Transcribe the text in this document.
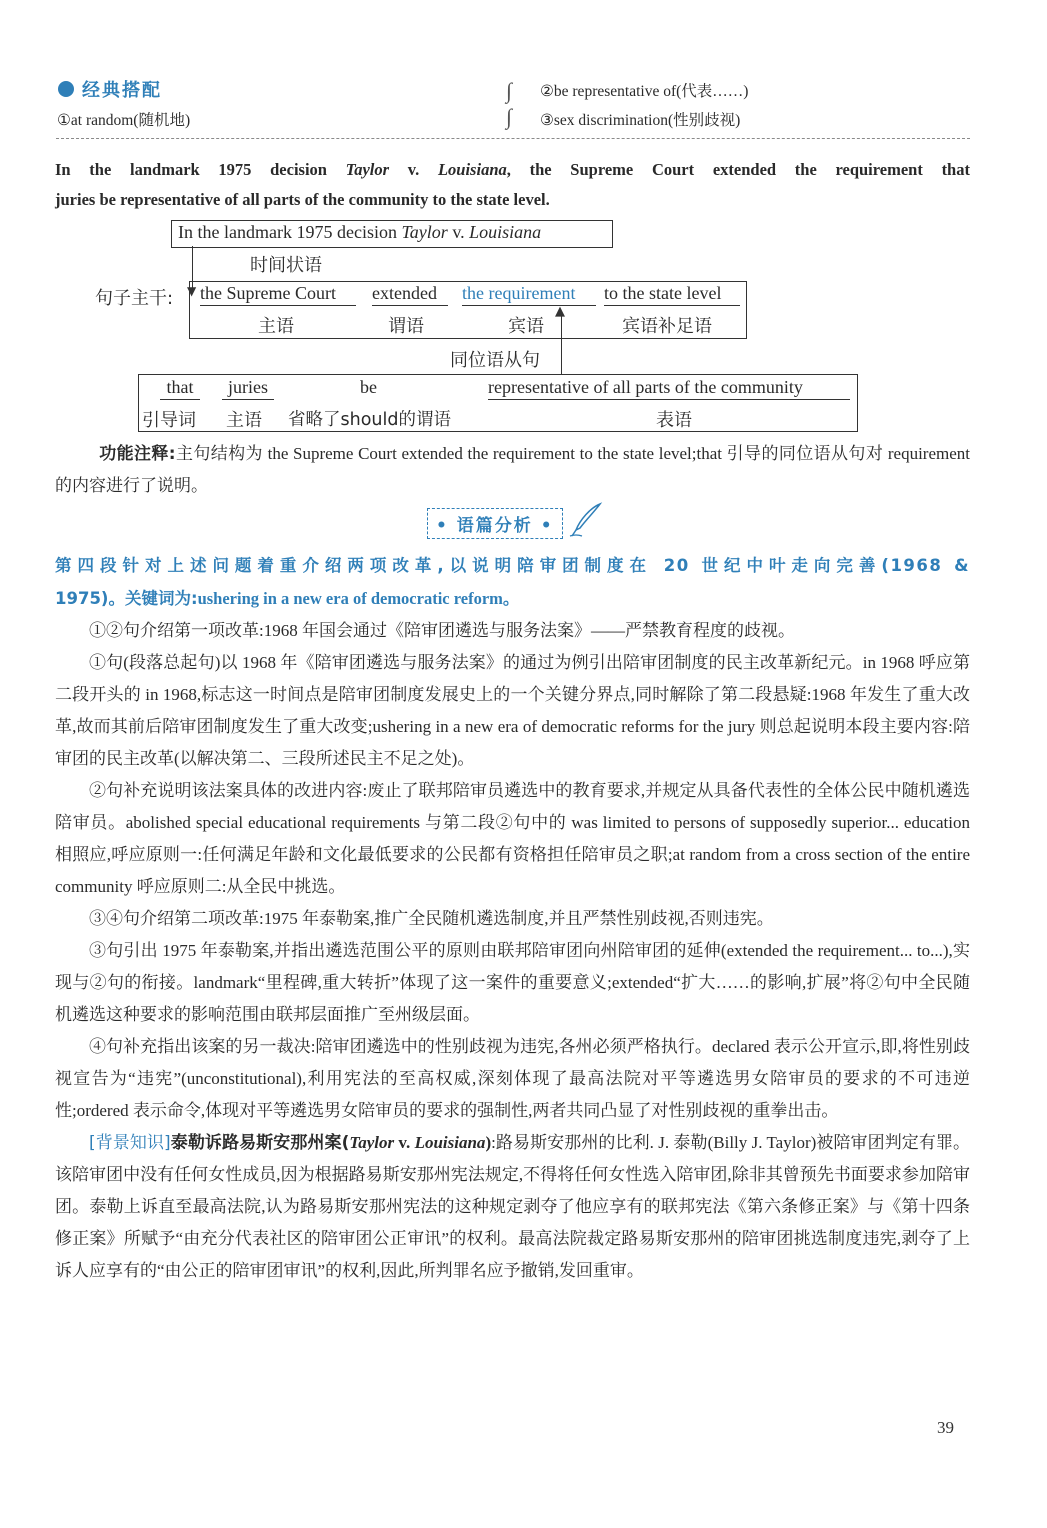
经典搭配
①at random(随机地)
∫
∫
②be representative of(代表……)
③sex discrimination(性别歧视)
In the landmark 1975 decision Taylor v. Louisiana, the Supreme Court extended the requirement that
juries be representative of all parts of the community to the state level.
In the landmark 1975 decision Taylor v. Louisiana
▼
时间状语
句子主干: the Supreme Court
主语
extended
谓语
the requirement
宾语
to the state level
宾语补足语
▲
同位语从句
that
引导词
juries
主语
be
省略了should的谓语
representative of all parts of the community
表语
功能注释:主句结构为 the Supreme Court extended the requirement to the state level;that 引导的同位语从句对 requirement 的内容进行了说明。
• 语篇分析 •
第四段针对上述问题着重介绍两项改革,以说明陪审团制度在 20 世纪中叶走向完善(1968 &
1975)。关键词为:ushering in a new era of democratic reform。

①②句介绍第一项改革:1968 年国会通过《陪审团遴选与服务法案》——严禁教育程度的歧视。

①句(段落总起句)以 1968 年《陪审团遴选与服务法案》的通过为例引出陪审团制度的民主改革新纪元。in 1968 呼应第二段开头的 in 1968,标志这一时间点是陪审团制度发展史上的一个关键分界点,同时解除了第二段悬疑:1968 年发生了重大改革,故而其前后陪审团制度发生了重大改变;ushering in a new era of democratic reforms for the jury 则总起说明本段主要内容:陪审团的民主改革(以解决第二、三段所述民主不足之处)。

②句补充说明该法案具体的改进内容:废止了联邦陪审员遴选中的教育要求,并规定从具备代表性的全体公民中随机遴选陪审员。abolished special educational requirements 与第二段②句中的 was limited to persons of supposedly superior... education 相照应,呼应原则一:任何满足年龄和文化最低要求的公民都有资格担任陪审员之职;at random from a cross section of the entire community 呼应原则二:从全民中挑选。

③④句介绍第二项改革:1975 年泰勒案,推广全民随机遴选制度,并且严禁性别歧视,否则违宪。

③句引出 1975 年泰勒案,并指出遴选范围公平的原则由联邦陪审团向州陪审团的延伸(extended the requirement... to...),实现与②句的衔接。landmark“里程碑,重大转折”体现了这一案件的重要意义;extended“扩大……的影响,扩展”将②句中全民随机遴选这种要求的影响范围由联邦层面推广至州级层面。

④句补充指出该案的另一裁决:陪审团遴选中的性别歧视为违宪,各州必须严格执行。declared 表示公开宣示,即,将性别歧视宣告为“违宪”(unconstitutional),利用宪法的至高权威,深刻体现了最高法院对平等遴选男女陪审员的要求的不可违逆性;ordered 表示命令,体现对平等遴选男女陪审员的要求的强制性,两者共同凸显了对性别歧视的重拳出击。

[背景知识]泰勒诉路易斯安那州案(Taylor v. Louisiana):路易斯安那州的比利. J. 泰勒(Billy J. Taylor)被陪审团判定有罪。该陪审团中没有任何女性成员,因为根据路易斯安那州宪法规定,不得将任何女性选入陪审团,除非其曾预先书面要求参加陪审团。泰勒上诉直至最高法院,认为路易斯安那州宪法的这种规定剥夺了他应享有的联邦宪法《第六条修正案》与《第十四条修正案》所赋予“由充分代表社区的陪审团公正审讯”的权利。最高法院裁定路易斯安那州的陪审团挑选制度违宪,剥夺了上诉人应享有的“由公正的陪审团审讯”的权利,因此,所判罪名应予撤销,发回重审。

39
